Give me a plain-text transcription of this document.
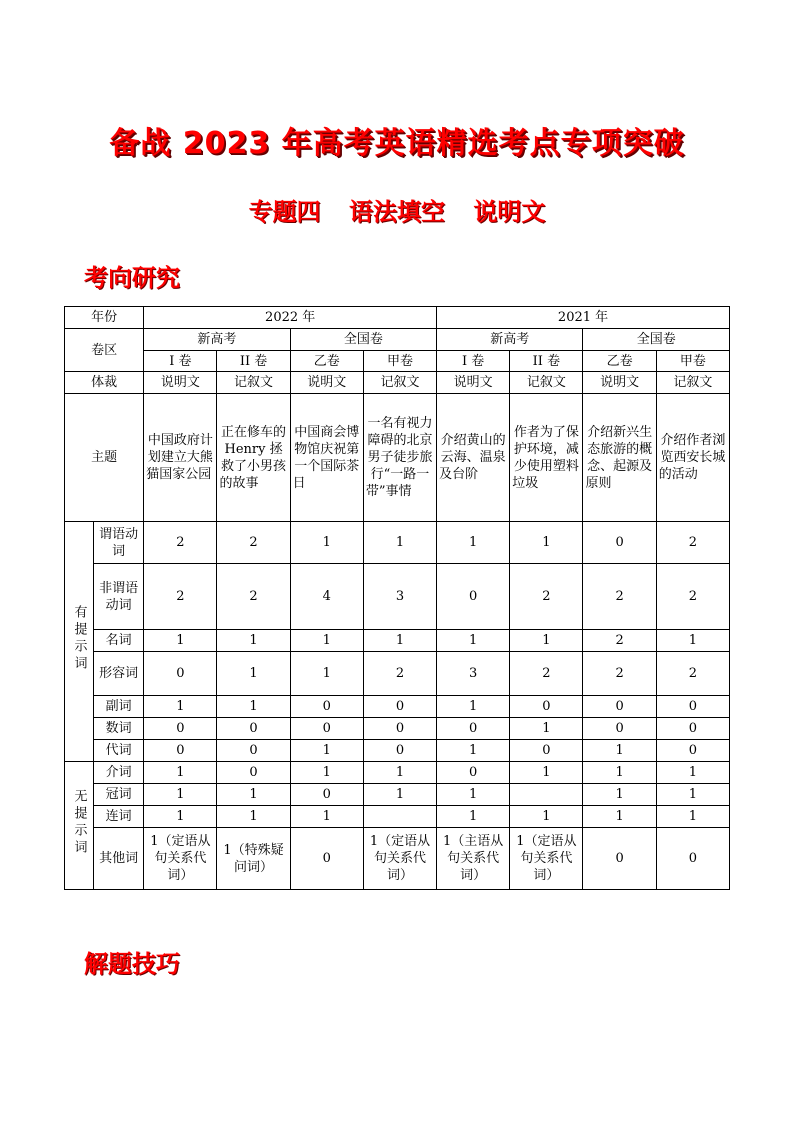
备战 2023 年高考英语精选考点专项突破
专题四 语法填空 说明文
考向研究
年份		2022 年				2021 年			
卷区		新高考		全国卷		新高考		全国卷	
		I 卷	II 卷	乙卷	甲卷	I 卷	II 卷	乙卷	甲卷
体裁		说明文	记叙文	说明文	记叙文	说明文	记叙文	说明文	记叙文
主题		中国政府计划建立大熊猫国家公园	正在修车的 Henry 拯救了小男孩的故事	中国商会博物馆庆祝第一个国际茶日	一名有视力障碍的北京男子徒步旅行“一路一带”事情	介绍黄山的云海、温泉及台阶	作者为了保护环境，减少使用塑料垃圾	介绍新兴生态旅游的概念、起源及原则	介绍作者浏览西安长城的活动
有提示词	谓语动词	2	2	1	1	1	1	0	2
	非谓语动词	2	2	4	3	0	2	2	2
	名词	1	1	1	1	1	1	2	1
	形容词	0	1	1	2	3	2	2	2
	副词	1	1	0	0	1	0	0	0
	数词	0	0	0	0	0	1	0	0
	代词	0	0	1	0	1	0	1	0
无提示词	介词	1	0	1	1	0	1	1	1
	冠词	1	1	0	1	1		1	1
	连词	1	1	1		1	1	1	1
	其他词	1（定语从句关系代词）	1（特殊疑问词）	0	1（定语从句关系代词）	1（主语从句关系代词）	1（定语从句关系代词）	0	0
解题技巧
